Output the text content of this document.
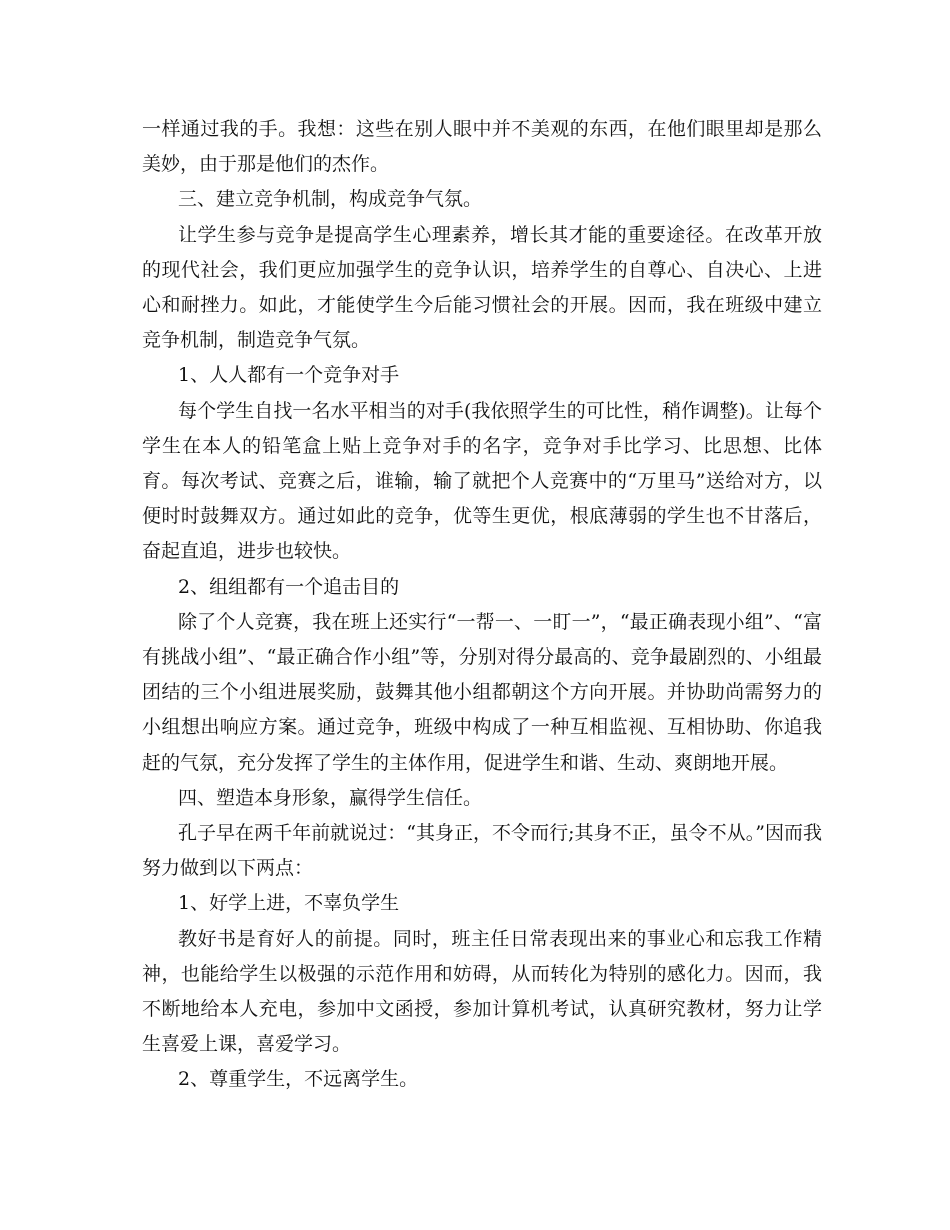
一样通过我的手。我想：这些在别人眼中并不美观的东西，在他们眼里却是那么美妙，由于那是他们的杰作。

三、建立竞争机制，构成竞争气氛。

让学生参与竞争是提高学生心理素养，增长其才能的重要途径。在改革开放的现代社会，我们更应加强学生的竞争认识，培养学生的自尊心、自决心、上进心和耐挫力。如此，才能使学生今后能习惯社会的开展。因而，我在班级中建立竞争机制，制造竞争气氛。

1、人人都有一个竞争对手

每个学生自找一名水平相当的对手(我依照学生的可比性，稍作调整)。让每个学生在本人的铅笔盒上贴上竞争对手的名字，竞争对手比学习、比思想、比体育。每次考试、竞赛之后，谁输，输了就把个人竞赛中的“万里马”送给对方，以便时时鼓舞双方。通过如此的竞争，优等生更优，根底薄弱的学生也不甘落后，奋起直追，进步也较快。

2、组组都有一个追击目的

除了个人竞赛，我在班上还实行“一帮一、一盯一”，“最正确表现小组”、“富有挑战小组”、“最正确合作小组”等，分别对得分最高的、竞争最剧烈的、小组最团结的三个小组进展奖励，鼓舞其他小组都朝这个方向开展。并协助尚需努力的小组想出响应方案。通过竞争，班级中构成了一种互相监视、互相协助、你追我赶的气氛，充分发挥了学生的主体作用，促进学生和谐、生动、爽朗地开展。

四、塑造本身形象，赢得学生信任。

孔子早在两千年前就说过：“其身正，不令而行;其身不正，虽令不从。”因而我努力做到以下两点：

1、好学上进，不辜负学生

教好书是育好人的前提。同时，班主任日常表现出来的事业心和忘我工作精神，也能给学生以极强的示范作用和妨碍，从而转化为特别的感化力。因而，我不断地给本人充电，参加中文函授，参加计算机考试，认真研究教材，努力让学生喜爱上课，喜爱学习。

2、尊重学生，不远离学生。
